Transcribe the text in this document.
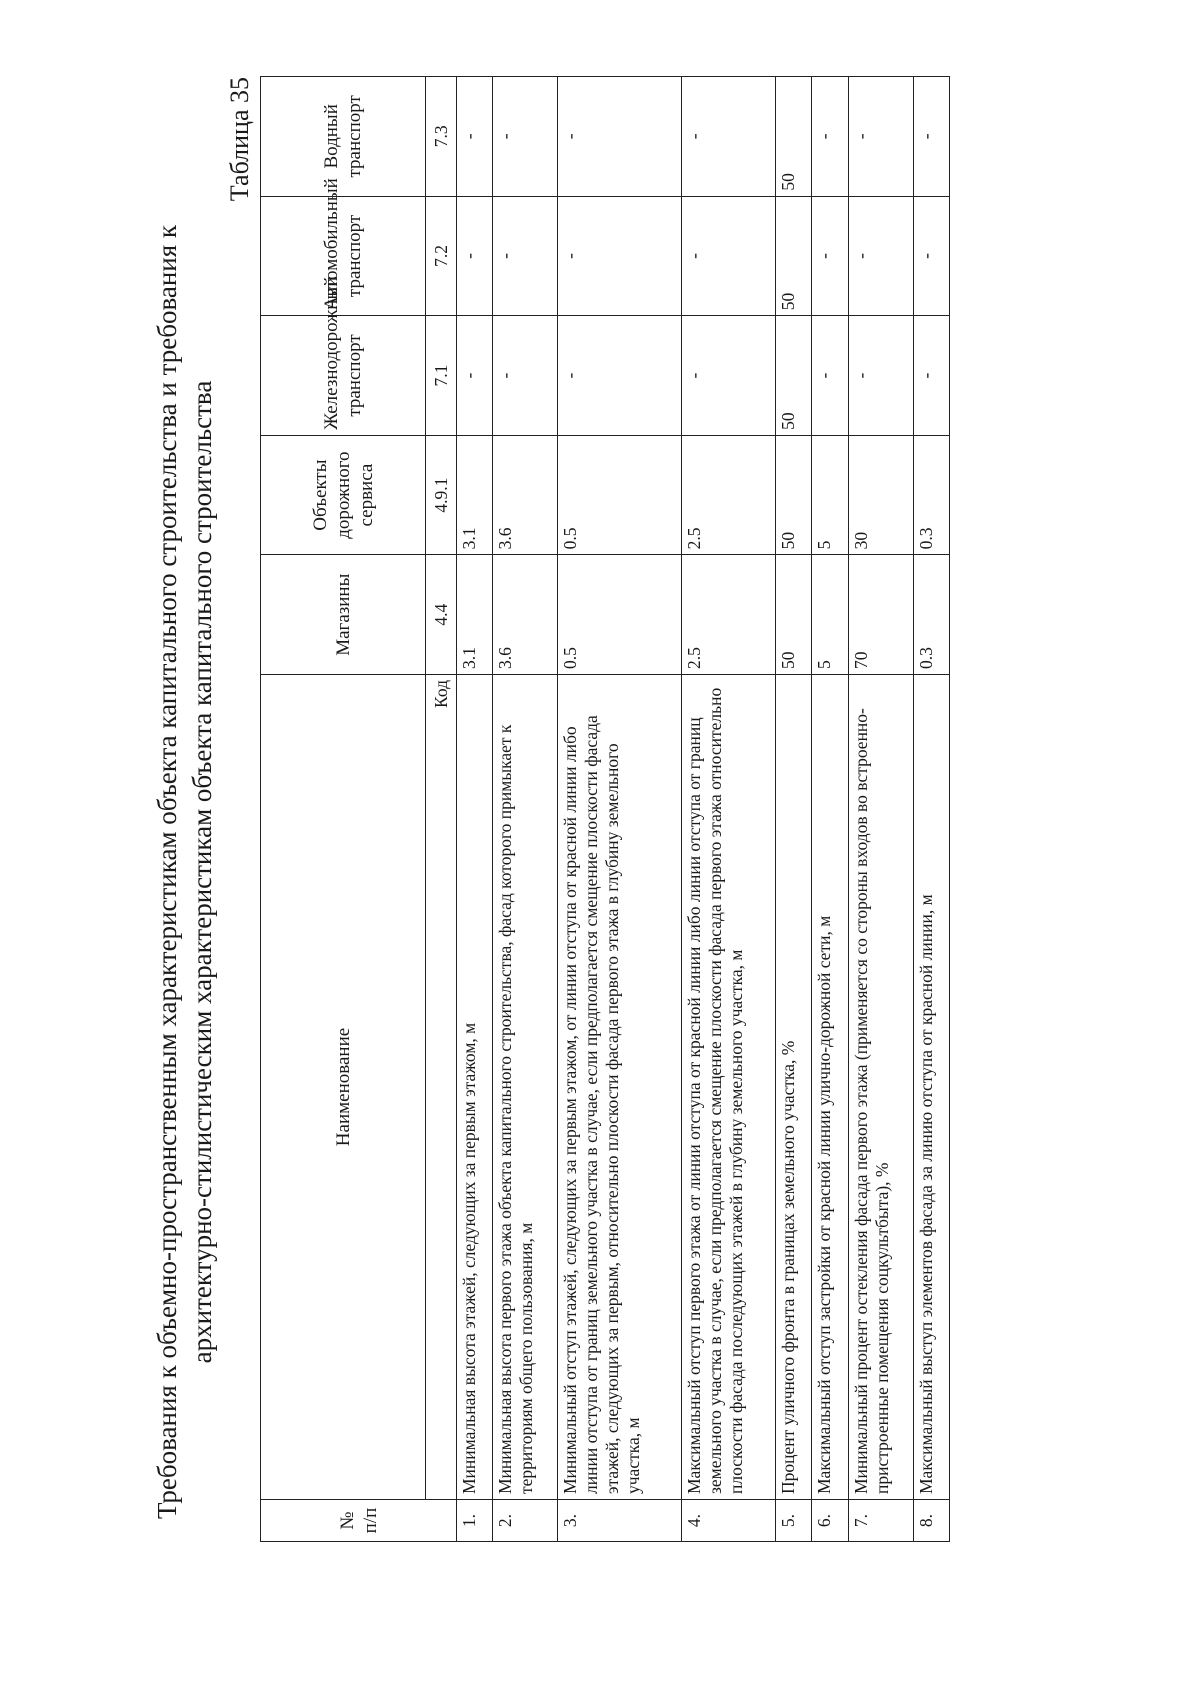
Требования к объемно-пространственным характеристикам объекта капитального строительства и требования к архитектурно-стилистическим характеристикам объекта капитального строительства
Таблица 35
№ п/п	Наименование	Магазины	Объекты дорожного сервиса	Железнодорожный транспорт	Автомобильный транспорт	Водный транспорт
	Код	4.4	4.9.1	7.1	7.2	7.3
1.	Минимальная высота этажей, следующих за первым этажом, м	3.1	3.1	-	-	-
2.	Минимальная высота первого этажа объекта капитального строительства, фасад которого примыкает к территориям общего пользования, м	3.6	3.6	-	-	-
3.	Минимальный отступ этажей, следующих за первым этажом, от линии отступа от красной линии либо линии отступа от границ земельного участка в случае, если предполагается смещение плоскости фасада этажей, следующих за первым, относительно плоскости фасада первого этажа в глубину земельного участка, м	0.5	0.5	-	-	-
4.	Максимальный отступ первого этажа от линии отступа от красной линии либо линии отступа от границ земельного участка в случае, если предполагается смещение плоскости фасада первого этажа относительно плоскости фасада последующих этажей в глубину земельного участка, м	2.5	2.5	-	-	-
5.	Процент уличного фронта в границах земельного участка, %	50	50	50	50	50
6.	Максимальный отступ застройки от красной линии улично-дорожной сети, м	5	5	-	-	-
7.	Минимальный процент остекления фасада первого этажа (применяется со стороны входов во встроенно-пристроенные помещения соцкультбыта), %	70	30	-	-	-
8.	Максимальный выступ элементов фасада за линию отступа от красной линии, м	0.3	0.3	-	-	-
